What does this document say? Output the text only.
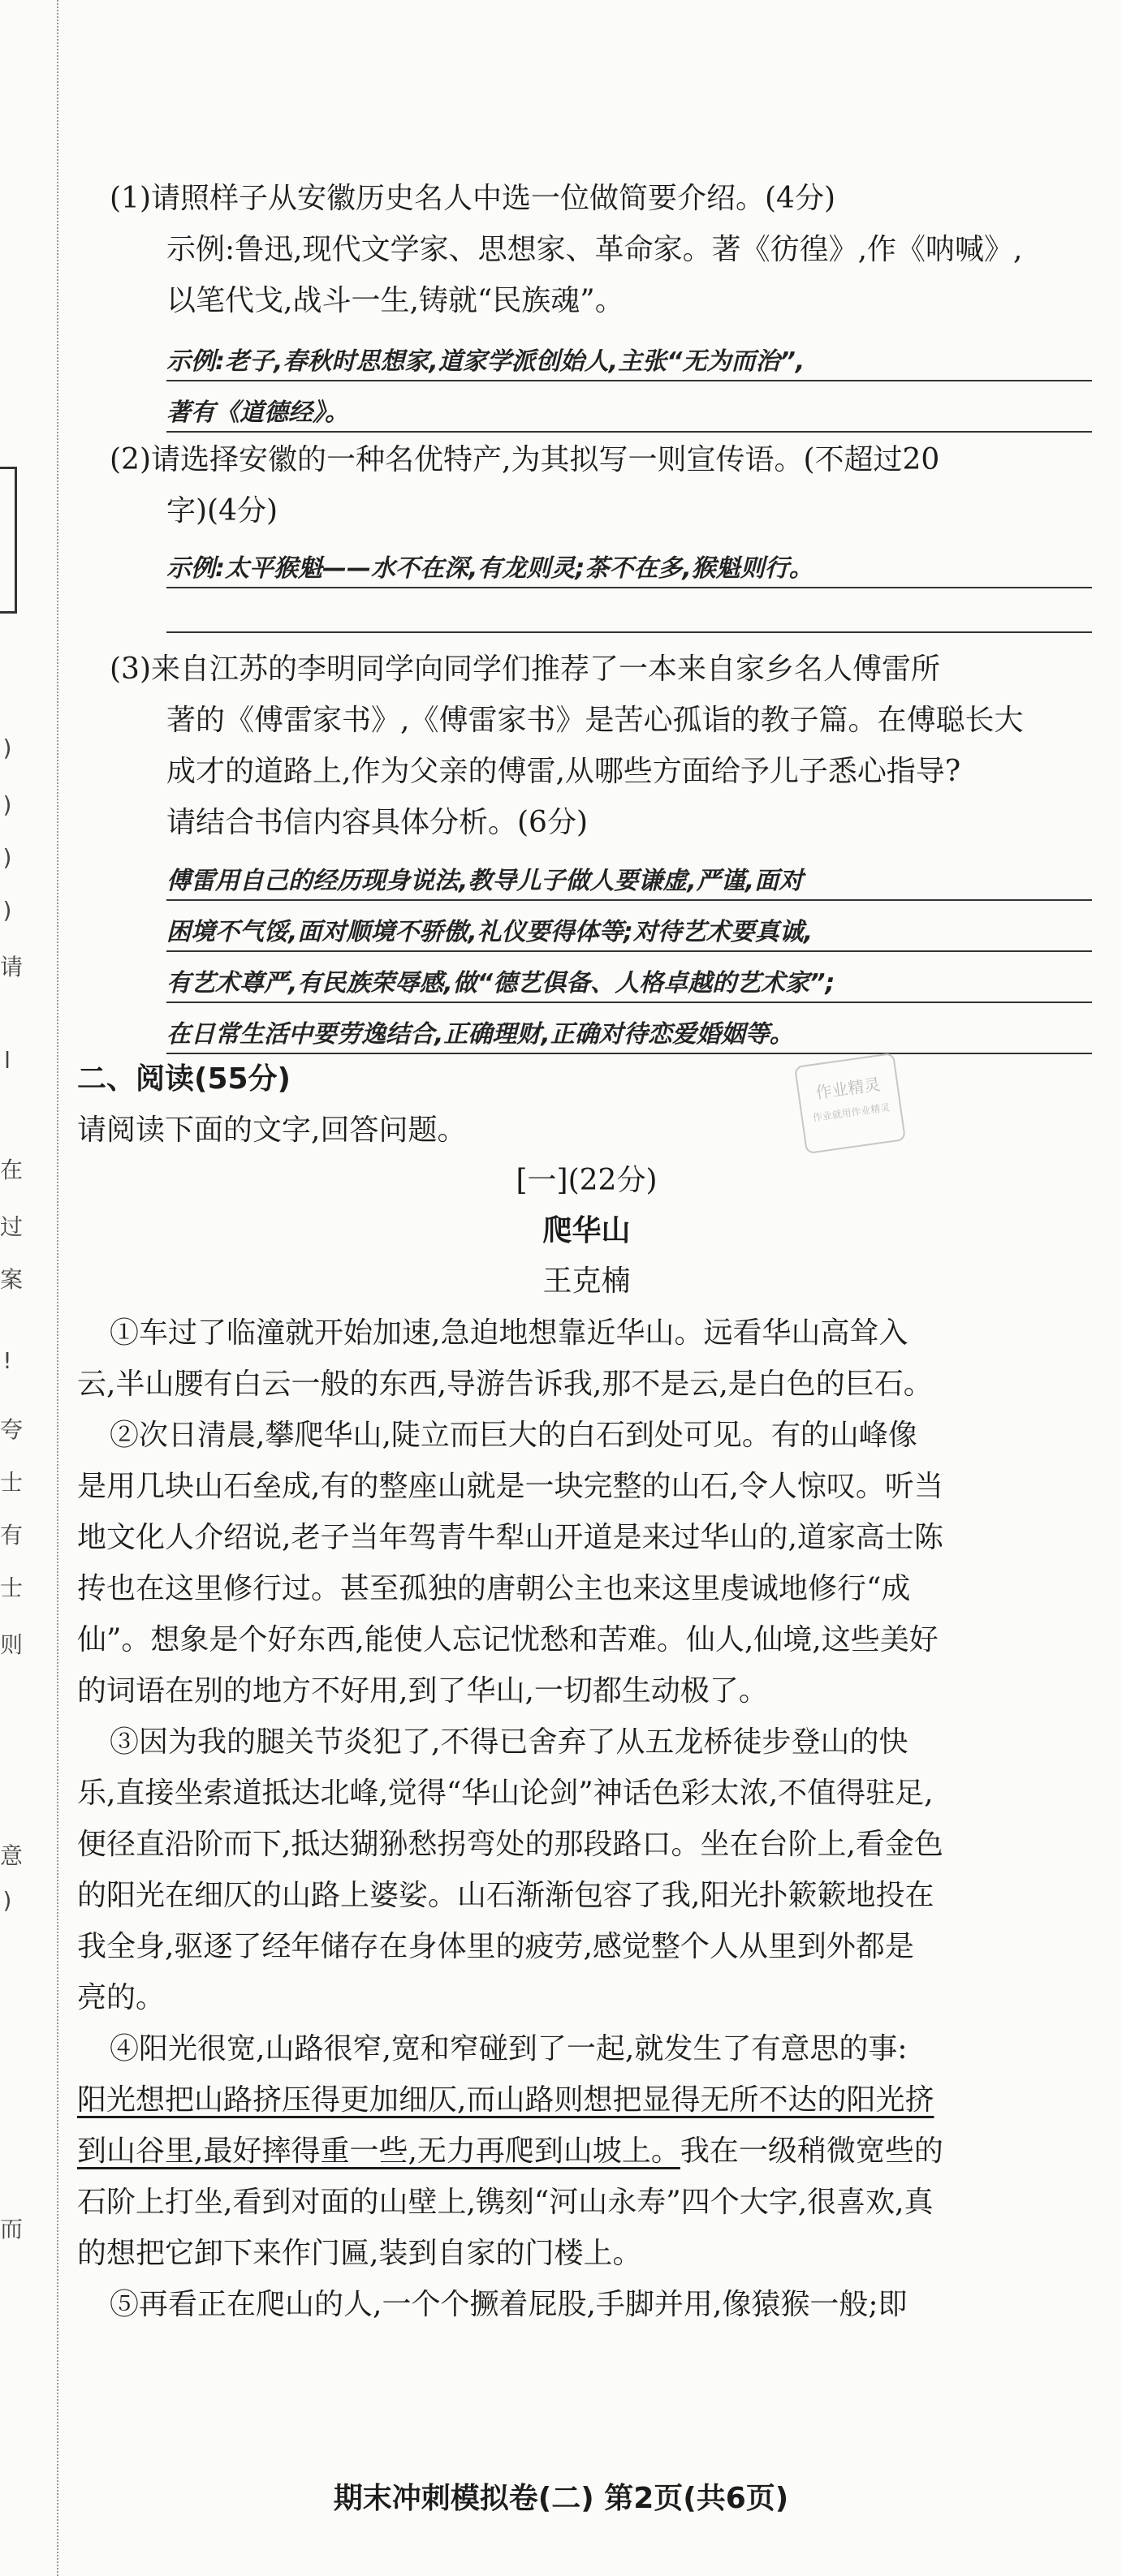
)
)
)
)
请
l
在
过
案
!
夸
士
有
士
则
意
)
而
(1)请照样子从安徽历史名人中选一位做简要介绍。(4分)
示例:鲁迅,现代文学家、思想家、革命家。著《彷徨》,作《呐喊》,
以笔代戈,战斗一生,铸就“民族魂”。
示例:老子,春秋时思想家,道家学派创始人,主张“无为而治”,
著有《道德经》。
(2)请选择安徽的一种名优特产,为其拟写一则宣传语。(不超过20
字)(4分)
示例:太平猴魁——水不在深,有龙则灵;茶不在多,猴魁则行。
(3)来自江苏的李明同学向同学们推荐了一本来自家乡名人傅雷所
著的《傅雷家书》,《傅雷家书》是苦心孤诣的教子篇。在傅聪长大
成才的道路上,作为父亲的傅雷,从哪些方面给予儿子悉心指导?
请结合书信内容具体分析。(6分)
傅雷用自己的经历现身说法,教导儿子做人要谦虚,严谨,面对
困境不气馁,面对顺境不骄傲,礼仪要得体等;对待艺术要真诚,
有艺术尊严,有民族荣辱感,做“德艺俱备、人格卓越的艺术家”;
在日常生活中要劳逸结合,正确理财,正确对待恋爱婚姻等。
二、阅读(55分)
请阅读下面的文字,回答问题。
[一](22分)
爬华山
王克楠
①车过了临潼就开始加速,急迫地想靠近华山。远看华山高耸入
云,半山腰有白云一般的东西,导游告诉我,那不是云,是白色的巨石。
②次日清晨,攀爬华山,陡立而巨大的白石到处可见。有的山峰像
是用几块山石垒成,有的整座山就是一块完整的山石,令人惊叹。听当
地文化人介绍说,老子当年驾青牛犁山开道是来过华山的,道家高士陈
抟也在这里修行过。甚至孤独的唐朝公主也来这里虔诚地修行“成
仙”。想象是个好东西,能使人忘记忧愁和苦难。仙人,仙境,这些美好
的词语在别的地方不好用,到了华山,一切都生动极了。
③因为我的腿关节炎犯了,不得已舍弃了从五龙桥徒步登山的快
乐,直接坐索道抵达北峰,觉得“华山论剑”神话色彩太浓,不值得驻足,
便径直沿阶而下,抵达猢狲愁拐弯处的那段路口。坐在台阶上,看金色
的阳光在细仄的山路上婆娑。山石渐渐包容了我,阳光扑簌簌地投在
我全身,驱逐了经年储存在身体里的疲劳,感觉整个人从里到外都是
亮的。
④阳光很宽,山路很窄,宽和窄碰到了一起,就发生了有意思的事:
阳光想把山路挤压得更加细仄,而山路则想把显得无所不达的阳光挤
到山谷里,最好摔得重一些,无力再爬到山坡上。我在一级稍微宽些的
石阶上打坐,看到对面的山壁上,镌刻“河山永寿”四个大字,很喜欢,真
的想把它卸下来作门匾,装到自家的门楼上。
⑤再看正在爬山的人,一个个撅着屁股,手脚并用,像猿猴一般;即
作业精灵
作业就用作业精灵
期末冲刺模拟卷(二) 第2页(共6页)
